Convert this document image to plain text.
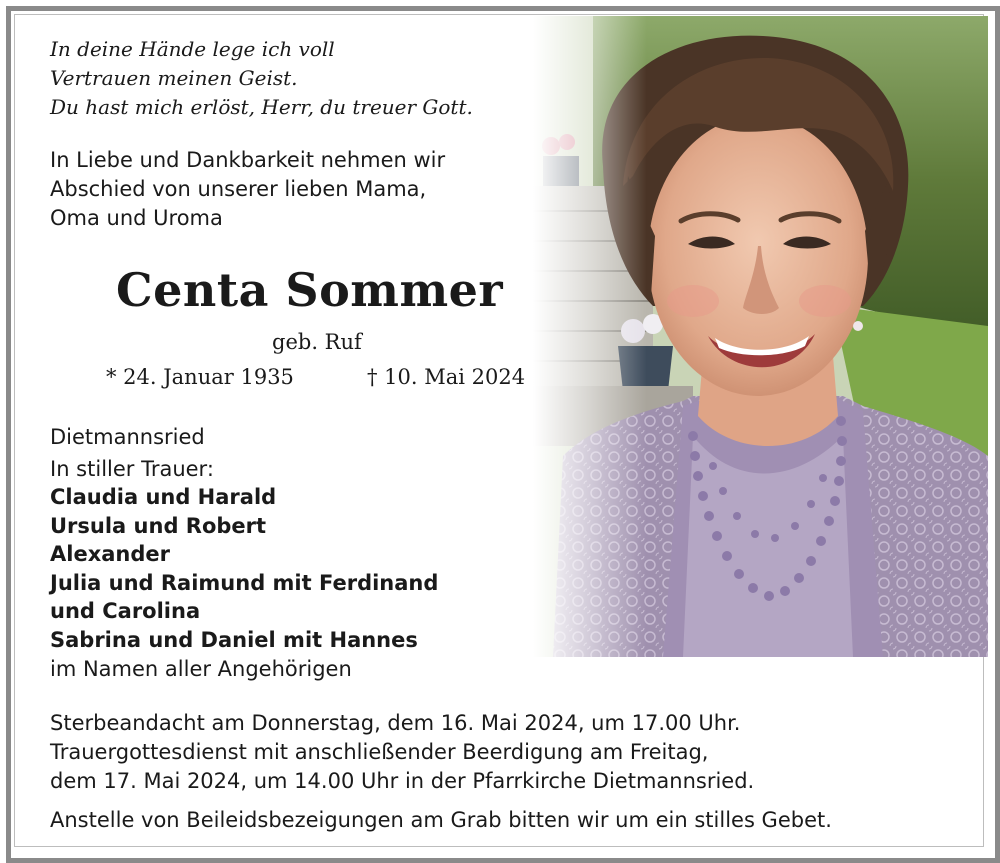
In deine Hände lege ich voll
Vertrauen meinen Geist.
Du hast mich erlöst, Herr, du treuer Gott.
In Liebe und Dankbarkeit nehmen wir
Abschied von unserer lieben Mama,
Oma und Uroma
Centa Sommer
geb. Ruf
* 24. Januar 1935	† 10. Mai 2024
Dietmannsried
In stiller Trauer:
Claudia und Harald
Ursula und Robert
Alexander
Julia und Raimund mit Ferdinand
und Carolina
Sabrina und Daniel mit Hannes
im Namen aller Angehörigen
Sterbeandacht am Donnerstag, dem 16. Mai 2024, um 17.00 Uhr.
Trauergottesdienst mit anschließender Beerdigung am Freitag,
dem 17. Mai 2024, um 14.00 Uhr in der Pfarrkirche Dietmannsried.
Anstelle von Beileidsbezeigungen am Grab bitten wir um ein stilles Gebet.
